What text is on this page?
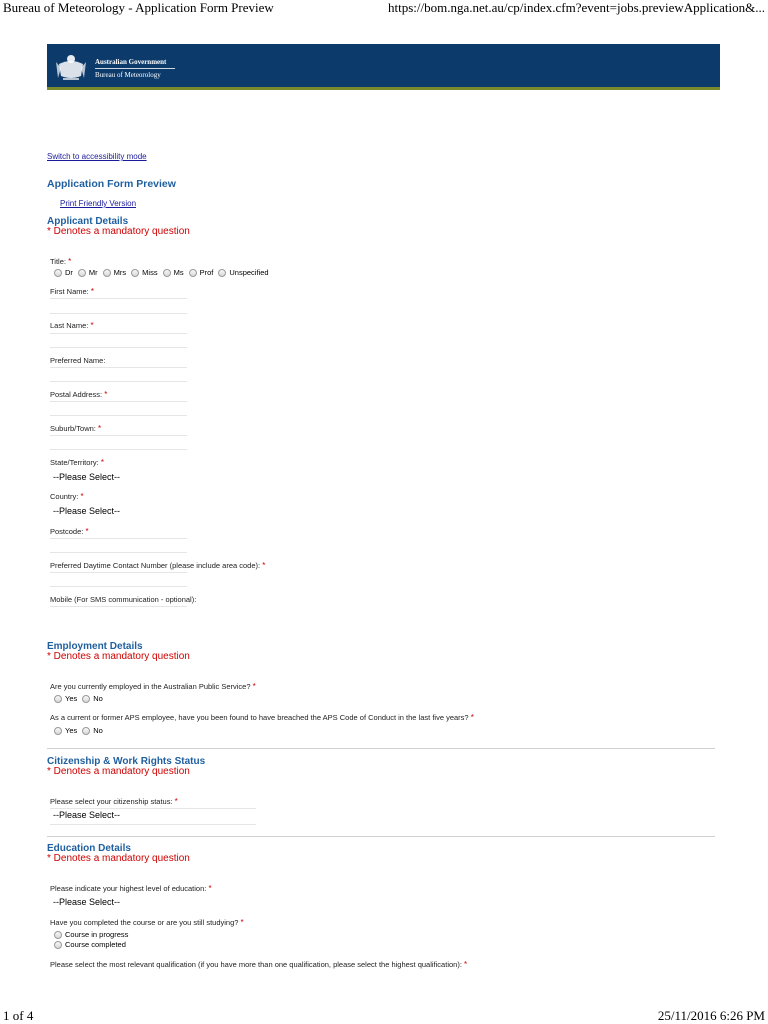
Bureau of Meteorology - Application Form Preview	https://bom.nga.net.au/cp/index.cfm?event=jobs.previewApplication&...
Australian Government
Bureau of Meteorology
Switch to accessibility mode
Application Form Preview
Print Friendly Version
Applicant Details
* Denotes a mandatory question
Title: *
Dr Mr Mrs Miss Ms Prof Unspecified
First Name: *
Last Name: *
Preferred Name:
Postal Address: *
Suburb/Town: *
State/Territory: *
--Please Select--
Country: *
--Please Select--
Postcode: *
Preferred Daytime Contact Number (please include area code): *
Mobile (For SMS communication - optional):
Employment Details
* Denotes a mandatory question
Are you currently employed in the Australian Public Service? *
Yes No
As a current or former APS employee, have you been found to have breached the APS Code of Conduct in the last five years? *
Yes No
Citizenship & Work Rights Status
* Denotes a mandatory question
Please select your citizenship status: *
--Please Select--
Education Details
* Denotes a mandatory question
Please indicate your highest level of education: *
--Please Select--
Have you completed the course or are you still studying? *
Course in progress
Course completed
Please select the most relevant qualification (if you have more than one qualification, please select the highest qualification): *
1 of 4	25/11/2016 6:26 PM
